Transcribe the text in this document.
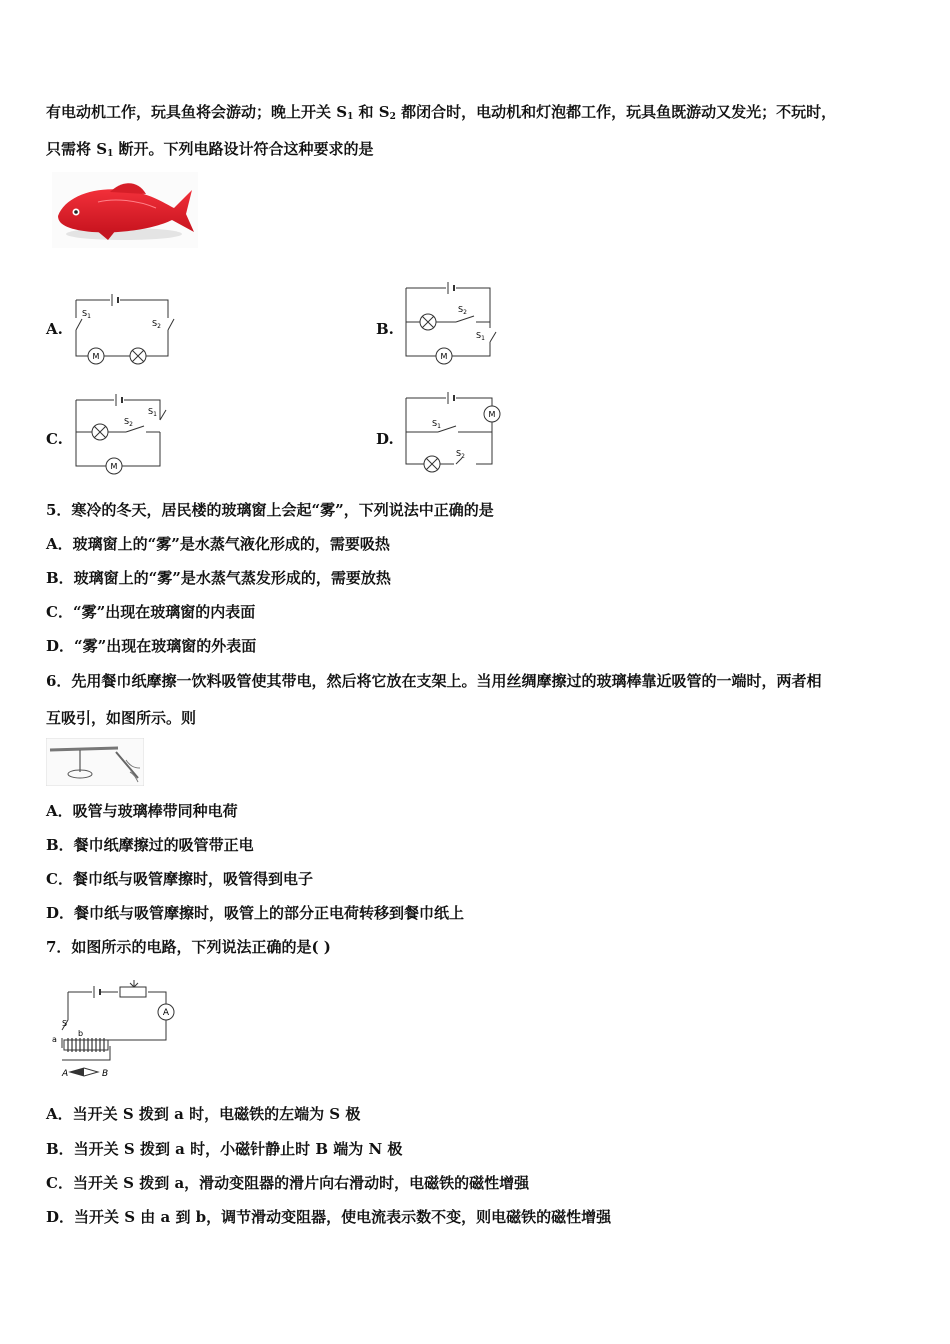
有电动机工作，玩具鱼将会游动；晚上开关 $S_1$ 和 $S_2$ 都闭合时，电动机和灯泡都工作，玩具鱼既游动又发光；不玩时，
只需将 $S_1$ 断开。下列电路设计符合这种要求的是
A.
M
$S_1$
$S_2$	B.
M
$S_2$
$S_1$
C.
M
$S_2$
$S_1$
D.
M
$S_1$
$S_2$
5．寒冷的冬天，居民楼的玻璃窗上会起“雾”，下列说法中正确的是
A．玻璃窗上的“雾”是水蒸气液化形成的，需要吸热
B．玻璃窗上的“雾”是水蒸气蒸发形成的，需要放热
C．“雾”出现在玻璃窗的内表面
D．“雾”出现在玻璃窗的外表面
6．先用餐巾纸摩擦一饮料吸管使其带电，然后将它放在支架上。当用丝绸摩擦过的玻璃棒靠近吸管的一端时，两者相
互吸引，如图所示。则
A．吸管与玻璃棒带同种电荷
B．餐巾纸摩擦过的吸管带正电
C．餐巾纸与吸管摩擦时，吸管得到电子
D．餐巾纸与吸管摩擦时，吸管上的部分正电荷转移到餐巾纸上
7．如图所示的电路，下列说法正确的是( )
A
S
a
b
A	B
A．当开关 S 拨到 a 时，电磁铁的左端为 S 极
B．当开关 S 拨到 a 时，小磁针静止时 B 端为 N 极
C．当开关 S 拨到 a，滑动变阻器的滑片向右滑动时，电磁铁的磁性增强
D．当开关 S 由 a 到 b，调节滑动变阻器，使电流表示数不变，则电磁铁的磁性增强
